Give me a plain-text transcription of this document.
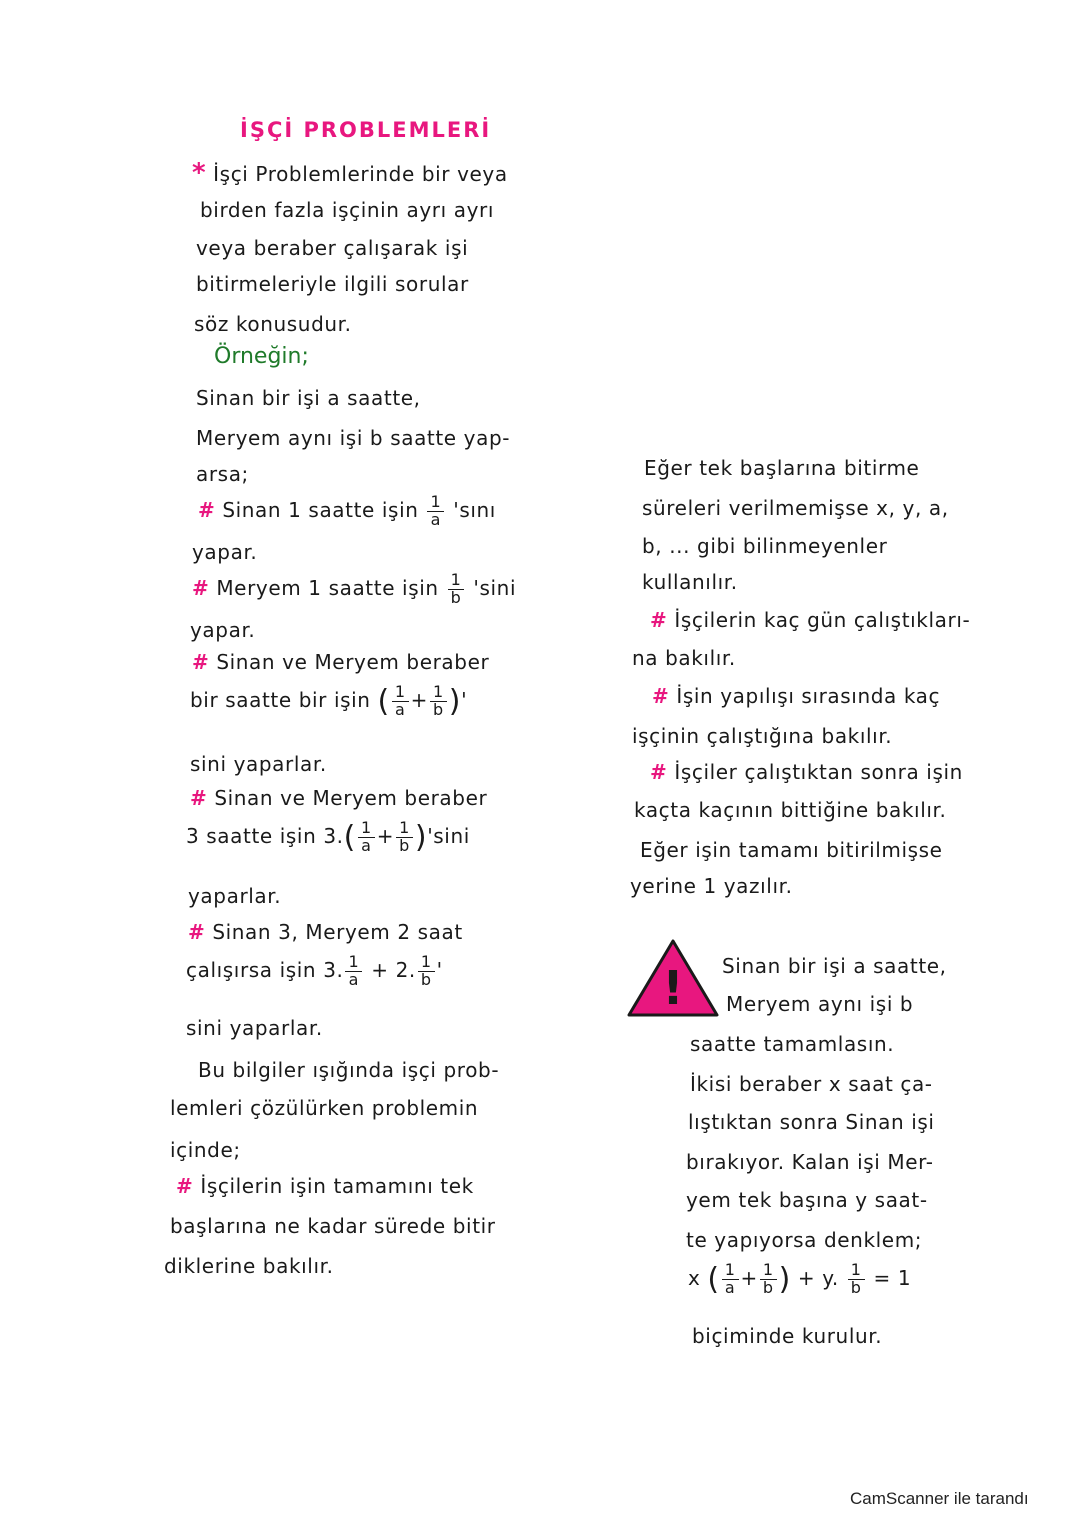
İŞÇİ PROBLEMLERİ
* İşçi Problemlerinde bir veya
birden fazla işçinin ayrı ayrı
veya beraber çalışarak işi
bitirmeleriyle ilgili sorular
söz konusudur.
Örneğin;
Sinan bir işi a saatte,
Meryem aynı işi b saatte yap-
arsa;
# Sinan 1 saatte işin $\frac{1}{a}$ 'sını
yapar.
# Meryem 1 saatte işin $\frac{1}{b}$ 'sini
yapar.
# Sinan ve Meryem beraber
bir saatte bir işin ( $\frac{1}{a} + \frac{1}{b}$ )'
sini yaparlar.
# Sinan ve Meryem beraber
3 saatte işin $3.( \frac{1}{a} + \frac{1}{b} )'\sin i$
yaparlar.
# Sinan 3, Meryem 2 saat
çalışırsa işin 3. $\frac{1}{a} + 2$. $\frac{1}{b}$ '
sini yaparlar.
Bu bilgiler ışığında işçi prob-
lemleri çözülürken problemin
içinde;
# İşçilerin işin tamamını tek
başlarına ne kadar sürede bitir
diklerine bakılır.
Eğer tek başlarına bitirme
süreleri verilmemişse x, y, a,
b, ... gibi bilinmeyenler
kullanılır.
# İşçilerin kaç gün çalıştıkları-
na bakılır.
# İşin yapılışı sırasında kaç
işçinin çalıştığına bakılır.
# İşçiler çalıştıktan sonra işin
kaçta kaçının bittiğine bakılır.
Eğer işin tamamı bitirilmişse
yerine 1 yazılır.
! Sinan bir işi a saatte,
Meryem aynı işi b
saatte tamamlasın.
İkisi beraber x saat ça-
lıştıktan sonra Sinan işi
bırakıyor. Kalan işi Mer-
yem tek başına y saat-
te yapıyorsa denklem;
x ( $\frac{1}{a} + \frac{1}{b}$ ) + y. $\frac{1}{b} = 1$
biçiminde kurulur.
CamScanner ile tarandı
